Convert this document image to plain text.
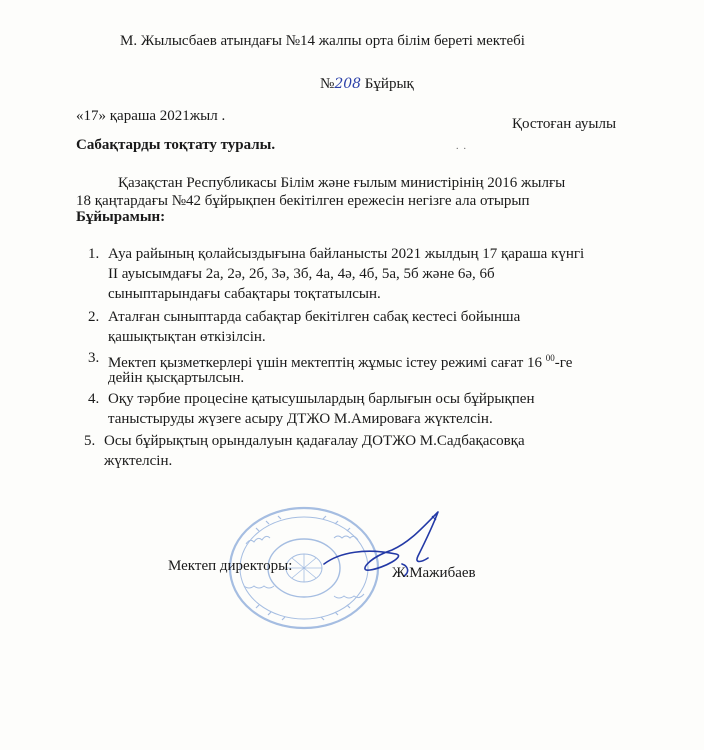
М. Жылысбаев атындағы №14 жалпы орта білім береті мектебі
№208 Бұйрық
«17» қараша 2021жыл .	Қостоған ауылы
Сабақтарды тоқтату туралы.	.  .
Қазақстан Республикасы Білім және ғылым министірінің 2016 жылғы
18 қаңтардағы №42 бұйрықпен бекітілген ережесін негізге ала отырып
Бұйырамын:
1. Ауа райының қолайсыздығына байланысты 2021 жылдың 17 қараша күнгі
ІІ ауысымдағы 2а, 2ә, 2б, 3ә, 3б, 4а, 4ә, 4б, 5а, 5б және 6ә, 6б
сыныптарындағы сабақтары тоқтатылсын.
2. Аталған сыныптарда сабақтар бекітілген сабақ кестесі бойынша
қашықтықтан өткізілсін.
3. Мектеп қызметкерлері үшін мектептің жұмыс істеу режимі сағат 16 $^{00}$-ге
дейін қысқартылсын.
4. Оқу тәрбие процесіне қатысушылардың барлығын осы бұйрықпен
таныстыруды жүзеге асыру ДТЖО М.Амироваға жүктелсін.
5. Осы бұйрықтың орындалуын қадағалау ДОТЖО М.Садбақасовқа
жүктелсін.
Мектеп директоры:	Ж.Мажибаев
